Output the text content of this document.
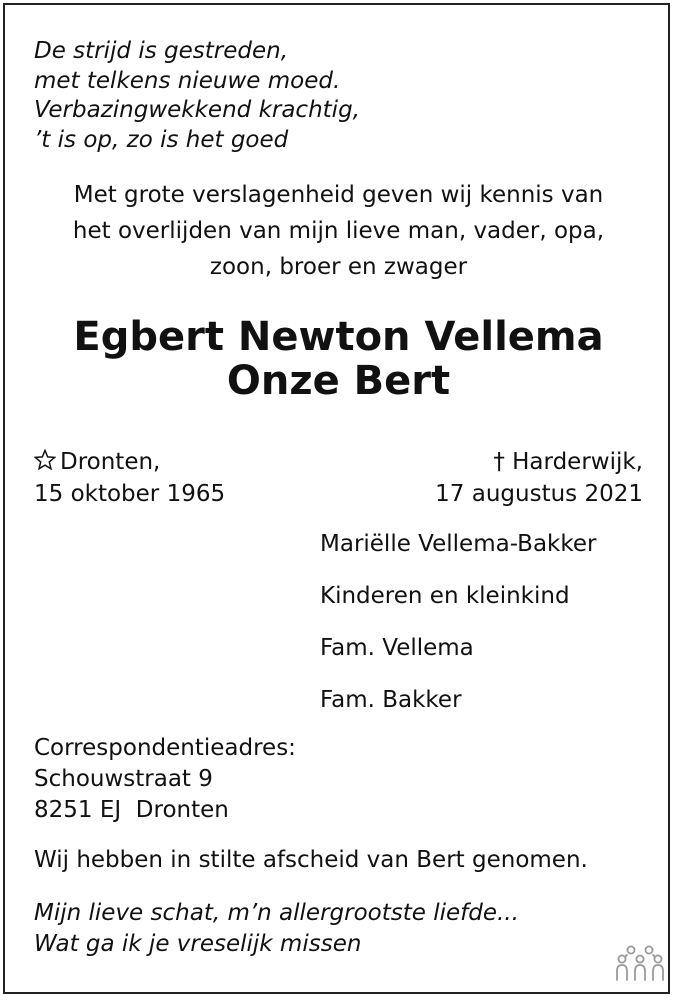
De strijd is gestreden,
met telkens nieuwe moed.
Verbazingwekkend krachtig,
’t is op, zo is het goed
Met grote verslagenheid geven wij kennis van
het overlijden van mijn lieve man, vader, opa,
zoon, broer en zwager
Egbert Newton Vellema
Onze Bert
Dronten,
15 oktober 1965
† Harderwijk,
17 augustus 2021
Mariëlle Vellema-Bakker
Kinderen en kleinkind
Fam. Vellema
Fam. Bakker
Correspondentieadres:
Schouwstraat 9
8251 EJ  Dronten
Wij hebben in stilte afscheid van Bert genomen.
Mijn lieve schat, m’n allergrootste liefde...
Wat ga ik je vreselijk missen
